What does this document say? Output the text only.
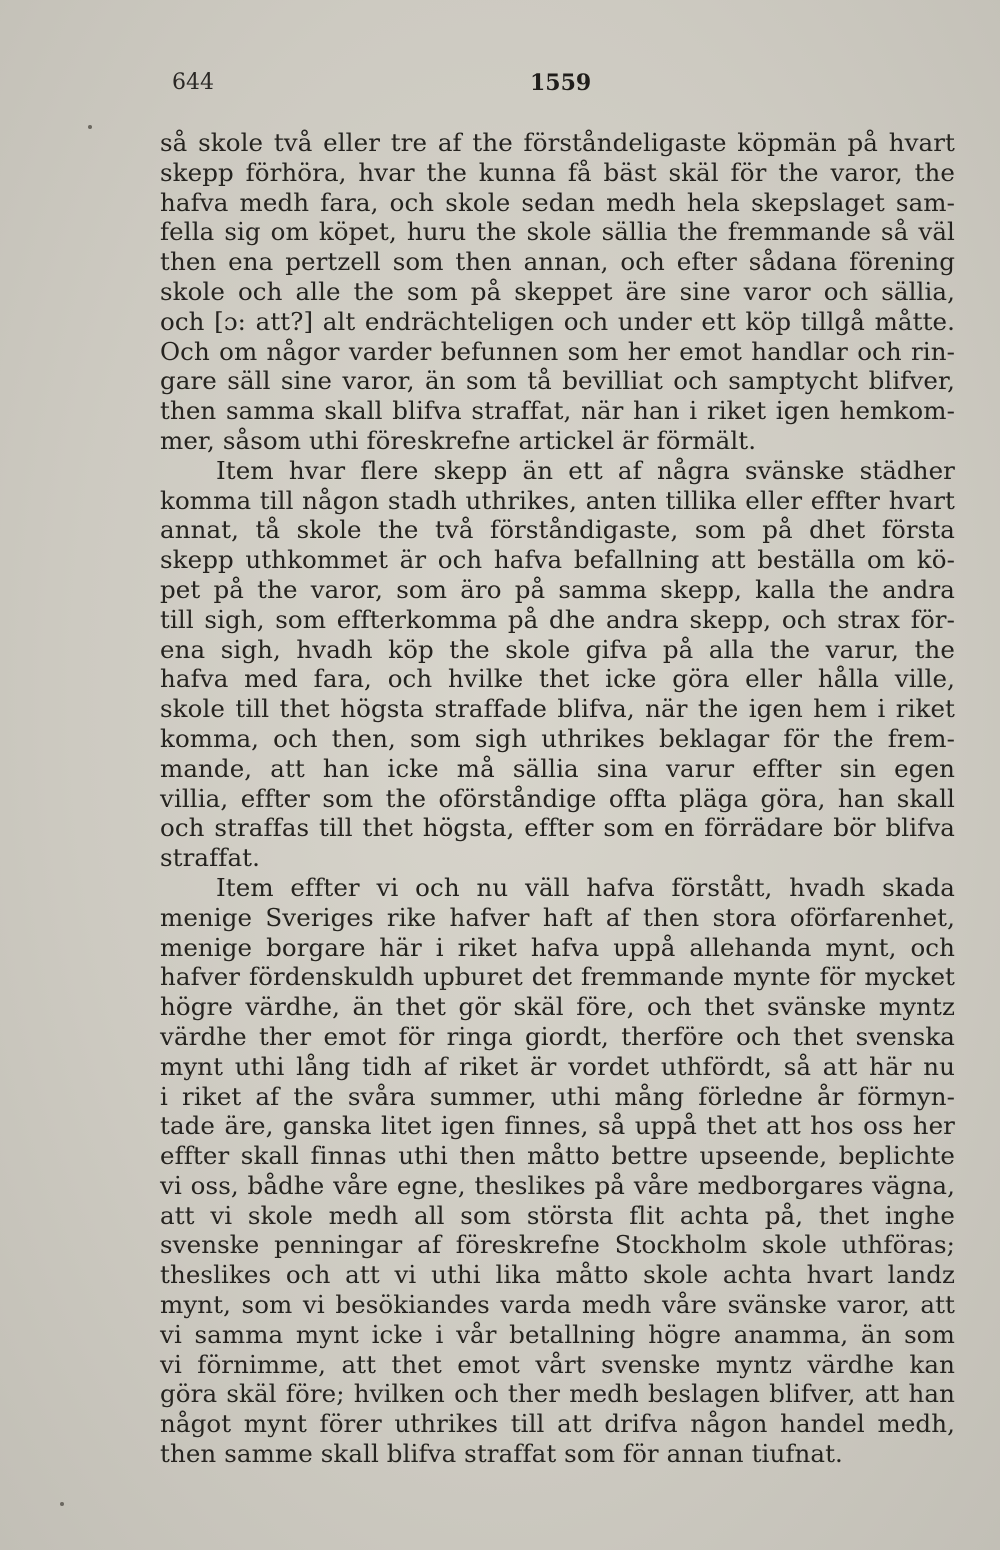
644	1559
så skole två eller tre af the förståndeligaste köpmän på hvart
skepp förhöra, hvar the kunna få bäst skäl för the varor, the
hafva medh fara, och skole sedan medh hela skepslaget sam-
fella sig om köpet, huru the skole sällia the fremmande så väl
then ena pertzell som then annan, och efter sådana förening
skole och alle the som på skeppet äre sine varor och sällia,
och [ɔ: att?] alt endrächteligen och under ett köp tillgå måtte.
Och om någor varder befunnen som her emot handlar och rin-
gare säll sine varor, än som tå bevilliat och samptycht blifver,
then samma skall blifva straffat, när han i riket igen hemkom-
mer, såsom uthi föreskrefne artickel är förmält.
Item hvar flere skepp än ett af några svänske städher
komma till någon stadh uthrikes, anten tillika eller effter hvart
annat, tå skole the två förståndigaste, som på dhet första
skepp uthkommet är och hafva befallning att beställa om kö-
pet på the varor, som äro på samma skepp, kalla the andra
till sigh, som effterkomma på dhe andra skepp, och strax för-
ena sigh, hvadh köp the skole gifva på alla the varur, the
hafva med fara, och hvilke thet icke göra eller hålla ville,
skole till thet högsta straffade blifva, när the igen hem i riket
komma, och then, som sigh uthrikes beklagar för the frem-
mande, att han icke må sällia sina varur effter sin egen
villia, effter som the oförståndige offta pläga göra, han skall
och straffas till thet högsta, effter som en förrädare bör blifva
straffat.
Item effter vi och nu väll hafva förstått, hvadh skada
menige Sveriges rike hafver haft af then stora oförfarenhet,
menige borgare här i riket hafva uppå allehanda mynt, och
hafver fördenskuldh upburet det fremmande mynte för mycket
högre värdhe, än thet gör skäl före, och thet svänske myntz
värdhe ther emot för ringa giordt, therföre och thet svenska
mynt uthi lång tidh af riket är vordet uthfördt, så att här nu
i riket af the svåra summer, uthi mång förledne år förmyn-
tade äre, ganska litet igen finnes, så uppå thet att hos oss her
effter skall finnas uthi then måtto bettre upseende, beplichte
vi oss, bådhe våre egne, theslikes på våre medborgares vägna,
att vi skole medh all som största flit achta på, thet inghe
svenske penningar af föreskrefne Stockholm skole uthföras;
theslikes och att vi uthi lika måtto skole achta hvart landz
mynt, som vi besökiandes varda medh våre svänske varor, att
vi samma mynt icke i vår betallning högre anamma, än som
vi förnimme, att thet emot vårt svenske myntz värdhe kan
göra skäl före; hvilken och ther medh beslagen blifver, att han
något mynt förer uthrikes till att drifva någon handel medh,
then samme skall blifva straffat som för annan tiufnat.
